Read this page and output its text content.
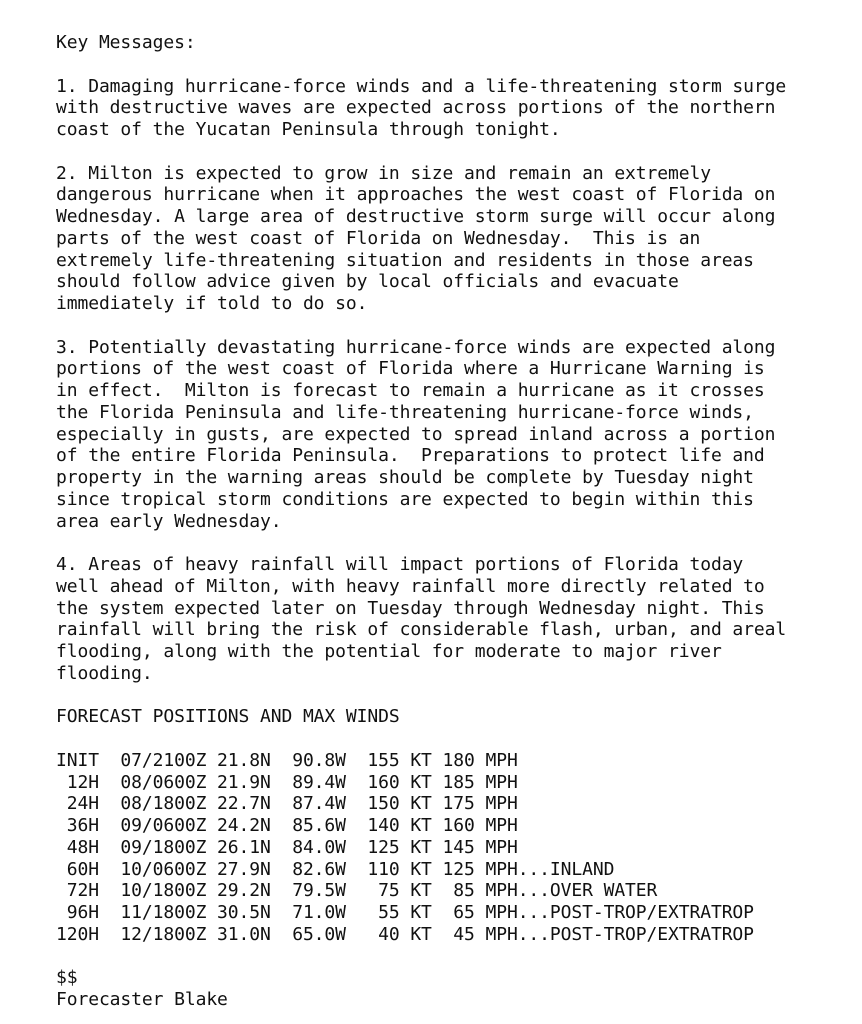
Key Messages:
1. Damaging hurricane-force winds and a life-threatening storm surge
with destructive waves are expected across portions of the northern
coast of the Yucatan Peninsula through tonight.
2. Milton is expected to grow in size and remain an extremely
dangerous hurricane when it approaches the west coast of Florida on
Wednesday. A large area of destructive storm surge will occur along
parts of the west coast of Florida on Wednesday.  This is an
extremely life-threatening situation and residents in those areas
should follow advice given by local officials and evacuate
immediately if told to do so.
3. Potentially devastating hurricane-force winds are expected along
portions of the west coast of Florida where a Hurricane Warning is
in effect.  Milton is forecast to remain a hurricane as it crosses
the Florida Peninsula and life-threatening hurricane-force winds,
especially in gusts, are expected to spread inland across a portion
of the entire Florida Peninsula.  Preparations to protect life and
property in the warning areas should be complete by Tuesday night
since tropical storm conditions are expected to begin within this
area early Wednesday.
4. Areas of heavy rainfall will impact portions of Florida today
well ahead of Milton, with heavy rainfall more directly related to
the system expected later on Tuesday through Wednesday night. This
rainfall will bring the risk of considerable flash, urban, and areal
flooding, along with the potential for moderate to major river
flooding.
FORECAST POSITIONS AND MAX WINDS
INIT  07/2100Z 21.8N  90.8W  155 KT 180 MPH
12H  08/0600Z 21.9N  89.4W  160 KT 185 MPH
24H  08/1800Z 22.7N  87.4W  150 KT 175 MPH
36H  09/0600Z 24.2N  85.6W  140 KT 160 MPH
48H  09/1800Z 26.1N  84.0W  125 KT 145 MPH
60H  10/0600Z 27.9N  82.6W  110 KT 125 MPH...INLAND
72H  10/1800Z 29.2N  79.5W   75 KT  85 MPH...OVER WATER
96H  11/1800Z 30.5N  71.0W   55 KT  65 MPH...POST-TROP/EXTRATROP
120H  12/1800Z 31.0N  65.0W   40 KT  45 MPH...POST-TROP/EXTRATROP
$$
Forecaster Blake
